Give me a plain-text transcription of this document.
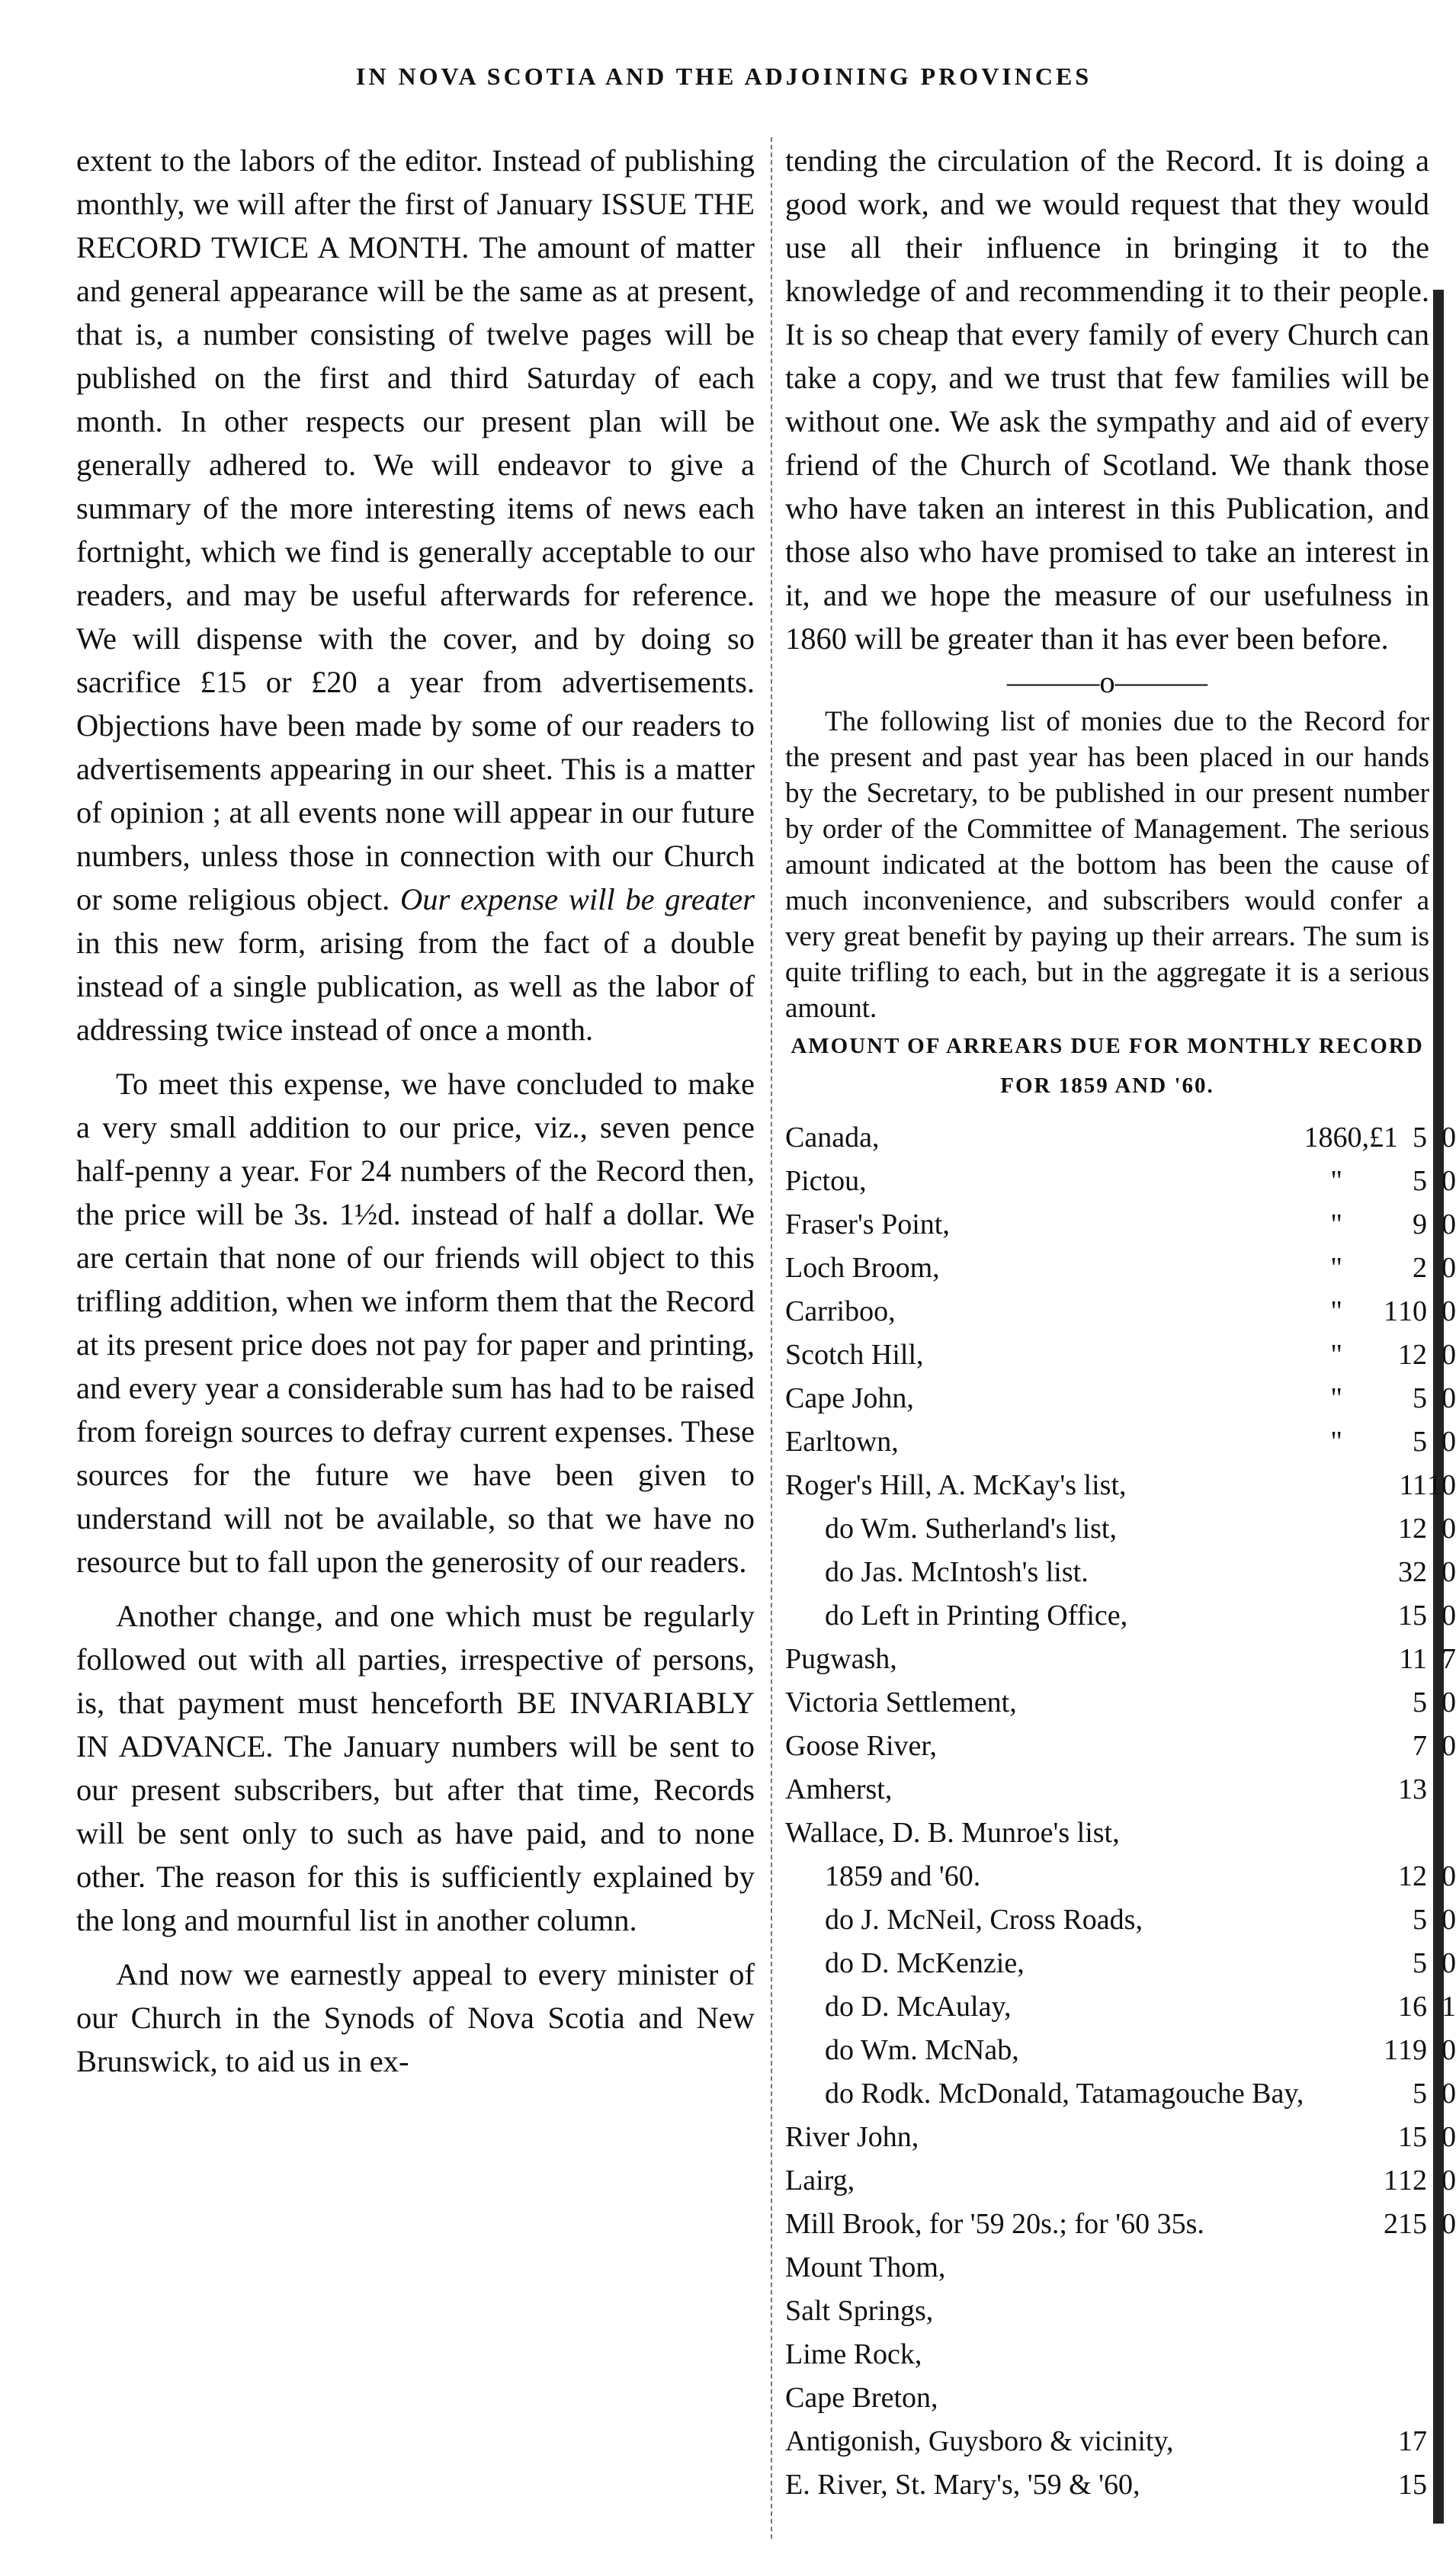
IN NOVA SCOTIA AND THE ADJOINING PROVINCES

extent to the labors of the editor. Instead of publishing monthly, we will after the first of January ISSUE THE RECORD TWICE A MONTH. The amount of matter and general appearance will be the same as at present, that is, a number consisting of twelve pages will be published on the first and third Saturday of each month. In other respects our present plan will be generally adhered to. We will endeavor to give a summary of the more interesting items of news each fortnight, which we find is generally acceptable to our readers, and may be useful afterwards for reference. We will dispense with the cover, and by doing so sacrifice £15 or £20 a year from advertisements. Objections have been made by some of our readers to advertisements appearing in our sheet. This is a matter of opinion ; at all events none will appear in our future numbers, unless those in connection with our Church or some religious object. Our expense will be greater in this new form, arising from the fact of a double instead of a single publication, as well as the labor of addressing twice instead of once a month.

To meet this expense, we have concluded to make a very small addition to our price, viz., seven pence half-penny a year. For 24 numbers of the Record then, the price will be 3s. 1½d. instead of half a dollar. We are certain that none of our friends will object to this trifling addition, when we inform them that the Record at its present price does not pay for paper and printing, and every year a considerable sum has had to be raised from foreign sources to defray current expenses. These sources for the future we have been given to understand will not be available, so that we have no resource but to fall upon the generosity of our readers.

Another change, and one which must be regularly followed out with all parties, irrespective of persons, is, that payment must henceforth BE INVARIABLY IN ADVANCE. The January numbers will be sent to our present subscribers, but after that time, Records will be sent only to such as have paid, and to none other. The reason for this is sufficiently explained by the long and mournful list in another column.

And now we earnestly appeal to every minister of our Church in the Synods of Nova Scotia and New Brunswick, to aid us in ex-

tending the circulation of the Record. It is doing a good work, and we would request that they would use all their influence in bringing it to the knowledge of and recommending it to their people. It is so cheap that every family of every Church can take a copy, and we trust that few families will be without one. We ask the sympathy and aid of every friend of the Church of Scotland. We thank those who have taken an interest in this Publication, and those also who have promised to take an interest in it, and we hope the measure of our usefulness in 1860 will be greater than it has ever been before.

———o———

The following list of monies due to the Record for the present and past year has been placed in our hands by the Secretary, to be published in our present number by order of the Committee of Management. The serious amount indicated at the bottom has been the cause of much inconvenience, and subscribers would confer a very great benefit by paying up their arrears. The sum is quite trifling to each, but in the aggregate it is a serious amount.

AMOUNT OF ARREARS DUE FOR MONTHLY RECORD FOR 1859 AND '60.

Canada,	1860,	£1	5	0
Pictou,	"		5	0
Fraser's Point,	"		9	0
Loch Broom,	"		2	0
Carriboo,	"	1	10	0
Scotch Hill,	"		12	0
Cape John,	"		5	0
Earltown,	"		5	0
Roger's Hill, A. McKay's list,			11	10
do Wm. Sutherland's list,			12	0
do Jas. McIntosh's list.			32	0
do Left in Printing Office,			15	0
Pugwash,			11	7
Victoria Settlement,			5	0
Goose River,			7	0
Amherst,			13	
Wallace, D. B. Munroe's list,				
1859 and '60.			12	0
do J. McNeil, Cross Roads,			5	0
do D. McKenzie,			5	0
do D. McAulay,			16	1
do Wm. McNab,		1	19	0
do Rodk. McDonald, Tatamagouche Bay,			5	0
River John,			15	0
Lairg,		1	12	0
Mill Brook, for '59 20s.; for '60 35s.		2	15	0
Mount Thom,				
Salt Springs,				
Lime Rock,				
Cape Breton,				
Antigonish, Guysboro & vicinity,			17	
E. River, St. Mary's, '59 & '60,			15	
